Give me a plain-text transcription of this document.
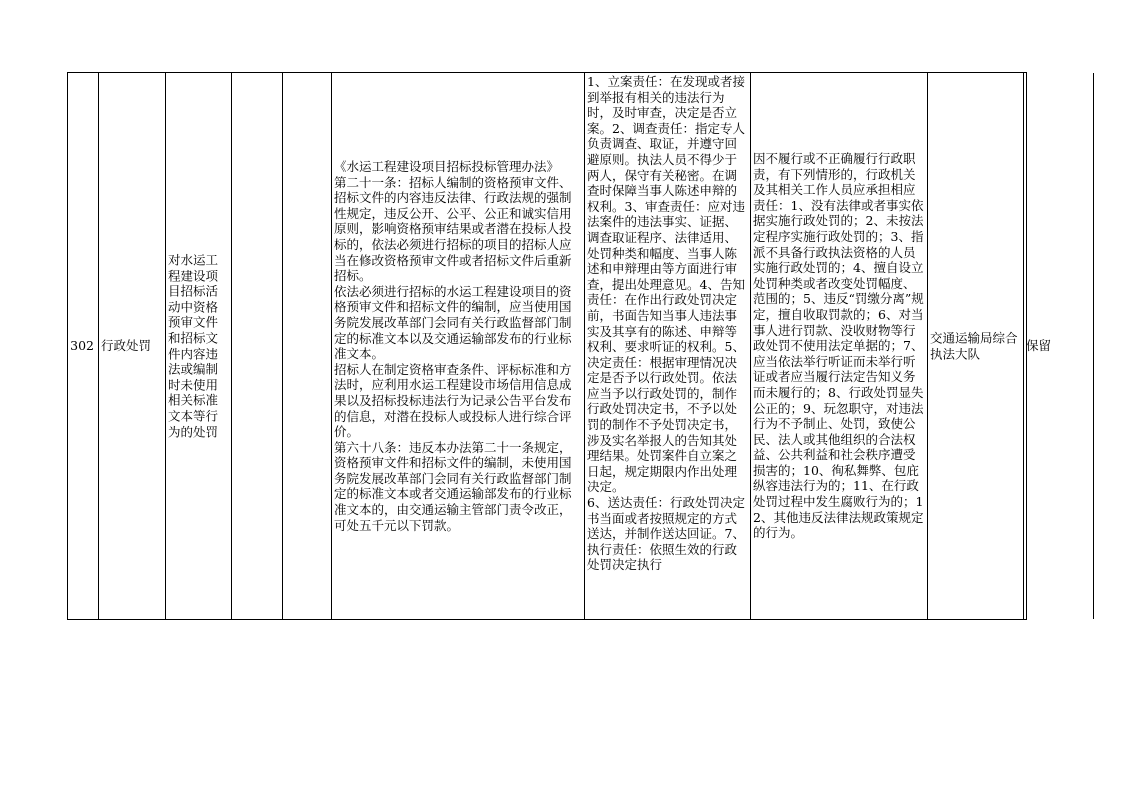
302 行政处罚
对水运工程建设项目招标活动中资格预审文件和招标文件内容违法或编制时未使用相关标准文本等行为的处罚

《水运工程建设项目招标投标管理办法》

第二十一条：招标人编制的资格预审文件、招标文件的内容违反法律、行政法规的强制性规定，违反公开、公平、公正和诚实信用原则，影响资格预审结果或者潜在投标人投标的，依法必须进行招标的项目的招标人应当在修改资格预审文件或者招标文件后重新招标。

依法必须进行招标的水运工程建设项目的资格预审文件和招标文件的编制，应当使用国务院发展改革部门会同有关行政监督部门制定的标准文本以及交通运输部发布的行业标准文本。

招标人在制定资格审查条件、评标标准和方法时，应利用水运工程建设市场信用信息成果以及招标投标违法行为记录公告平台发布的信息，对潜在投标人或投标人进行综合评价。

第六十八条：违反本办法第二十一条规定，资格预审文件和招标文件的编制，未使用国务院发展改革部门会同有关行政监督部门制定的标准文本或者交通运输部发布的行业标准文本的，由交通运输主管部门责令改正，可处五千元以下罚款。

1、立案责任：在发现或者接到举报有相关的违法行为时，及时审查，决定是否立案。2、调查责任：指定专人负责调查、取证，并遵守回避原则。执法人员不得少于两人，保守有关秘密。在调查时保障当事人陈述申辩的权利。3、审查责任：应对违法案件的违法事实、证据、调查取证程序、法律适用、处罚种类和幅度、当事人陈述和申辩理由等方面进行审查，提出处理意见。4、告知责任：在作出行政处罚决定前，书面告知当事人违法事实及其享有的陈述、申辩等权利、要求听证的权利。5、决定责任：根据审理情况决定是否予以行政处罚。依法应当予以行政处罚的，制作行政处罚决定书，不予以处罚的制作不予处罚决定书，涉及实名举报人的告知其处理结果。处罚案件自立案之日起，规定期限内作出处理决定。

6、送达责任：行政处罚决定书当面或者按照规定的方式送达，并制作送达回证。7、执行责任：依照生效的行政处罚决定执行

因不履行或不正确履行行政职责，有下列情形的，行政机关及其相关工作人员应承担相应责任：1、没有法律或者事实依据实施行政处罚的；2、未按法定程序实施行政处罚的；3、指派不具备行政执法资格的人员实施行政处罚的；4、擅自设立处罚种类或者改变处罚幅度、范围的；5、违反“罚缴分离”规定，擅自收取罚款的；6、对当事人进行罚款、没收财物等行政处罚不使用法定单据的；7、应当依法举行听证而未举行听证或者应当履行法定告知义务而未履行的；8、行政处罚显失公正的；9、玩忽职守，对违法行为不予制止、处罚，致使公民、法人或其他组织的合法权益、公共利益和社会秩序遭受损害的；10、徇私舞弊、包庇纵容违法行为的；11、在行政处罚过程中发生腐败行为的；12、其他违反法律法规政策规定的行为。
交通运输局综合执法大队
保留
